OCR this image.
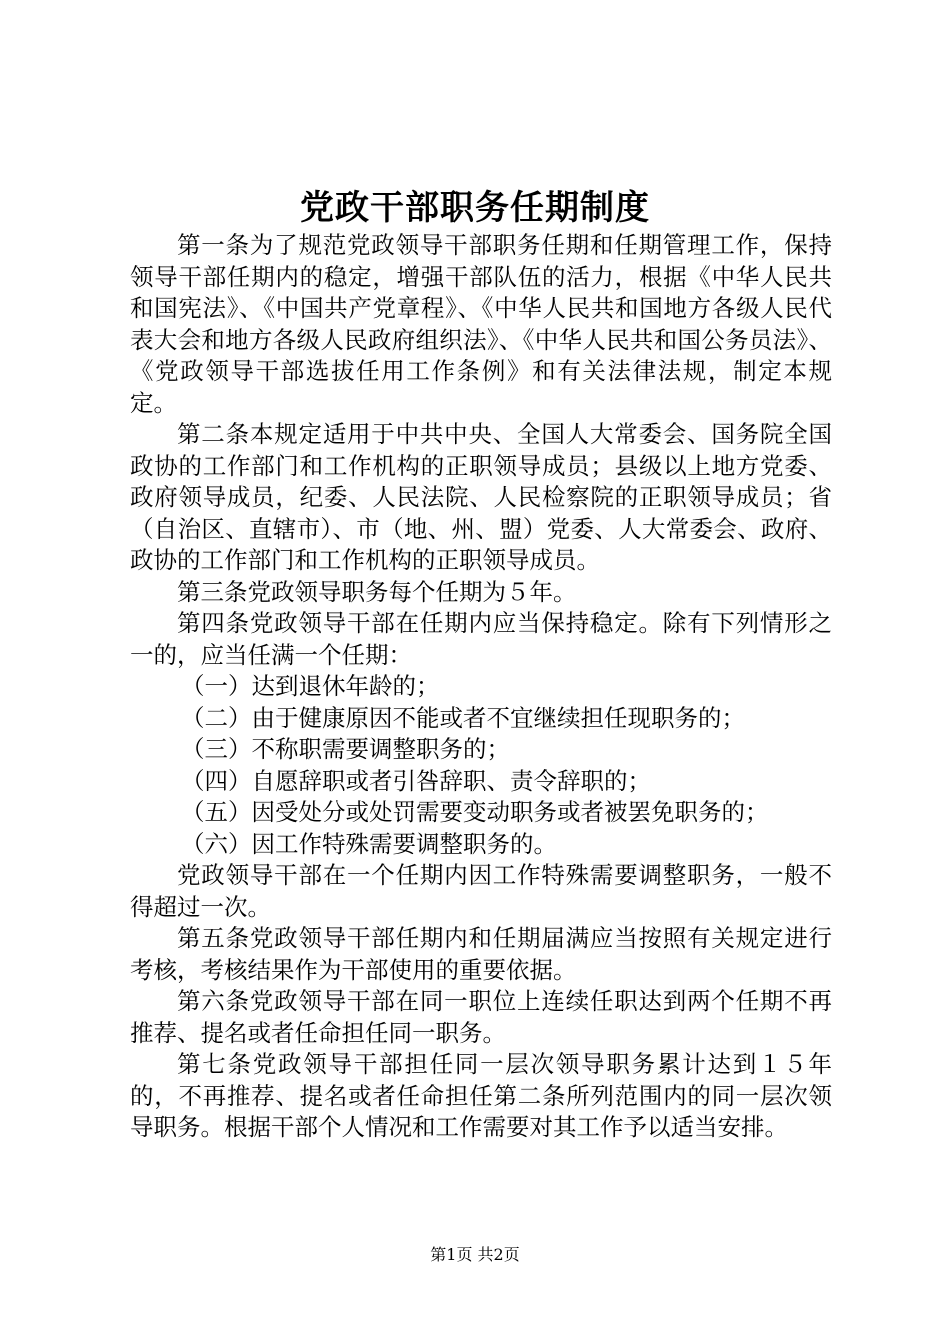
党政干部职务任期制度

第一条为了规范党政领导干部职务任期和任期管理工作，保持领导干部任期内的稳定，增强干部队伍的活力，根据《中华人民共和国宪法》、《中国共产党章程》、《中华人民共和国地方各级人民代表大会和地方各级人民政府组织法》、《中华人民共和国公务员法》、《党政领导干部选拔任用工作条例》和有关法律法规，制定本规定。

第二条本规定适用于中共中央、全国人大常委会、国务院全国政协的工作部门和工作机构的正职领导成员；县级以上地方党委、政府领导成员，纪委、人民法院、人民检察院的正职领导成员；省（自治区、直辖市）、市（地、州、盟）党委、人大常委会、政府、政协的工作部门和工作机构的正职领导成员。

第三条党政领导职务每个任期为５年。

第四条党政领导干部在任期内应当保持稳定。除有下列情形之一的，应当任满一个任期：

（一）达到退休年龄的；

（二）由于健康原因不能或者不宜继续担任现职务的；

（三）不称职需要调整职务的；

（四）自愿辞职或者引咎辞职、责令辞职的；

（五）因受处分或处罚需要变动职务或者被罢免职务的；

（六）因工作特殊需要调整职务的。

党政领导干部在一个任期内因工作特殊需要调整职务，一般不得超过一次。

第五条党政领导干部任期内和任期届满应当按照有关规定进行考核，考核结果作为干部使用的重要依据。

第六条党政领导干部在同一职位上连续任职达到两个任期不再推荐、提名或者任命担任同一职务。

第七条党政领导干部担任同一层次领导职务累计达到１５年的，不再推荐、提名或者任命担任第二条所列范围内的同一层次领导职务。根据干部个人情况和工作需要对其工作予以适当安排。

第1页 共2页
